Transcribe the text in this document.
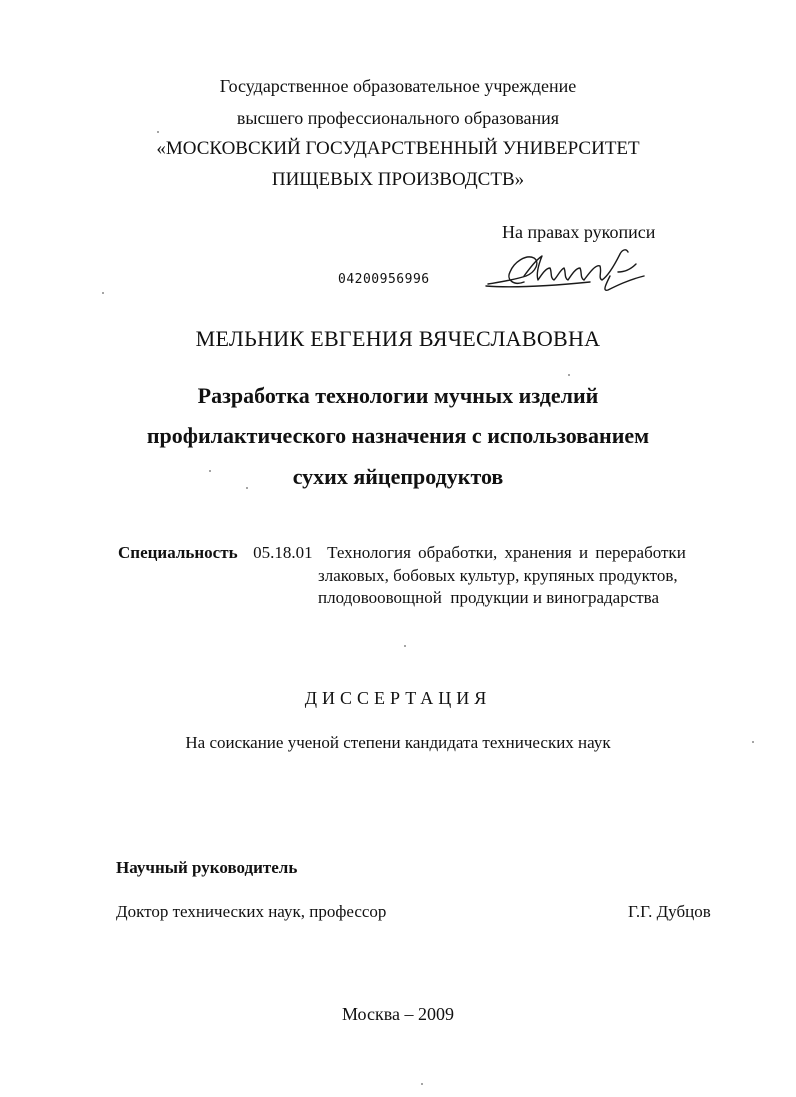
Государственное образовательное учреждение
высшего профессионального образования
«МОСКОВСКИЙ ГОСУДАРСТВЕННЫЙ УНИВЕРСИТЕТ
ПИЩЕВЫХ ПРОИЗВОДСТВ»
На правах рукописи
04200956996
МЕЛЬНИК ЕВГЕНИЯ ВЯЧЕСЛАВОВНА
Разработка технологии мучных изделий
профилактического назначения с использованием
сухих яйцепродуктов
Специальность 05.18.01 Технология обработки, хранения и переработки
злаковых, бобовых культур, крупяных продуктов,
плодовоовощной  продукции и виноградарства
ДИССЕРТАЦИЯ
На соискание ученой степени кандидата технических наук
Научный руководитель
Доктор технических наук, профессор	Г.Г. Дубцов
Москва – 2009
